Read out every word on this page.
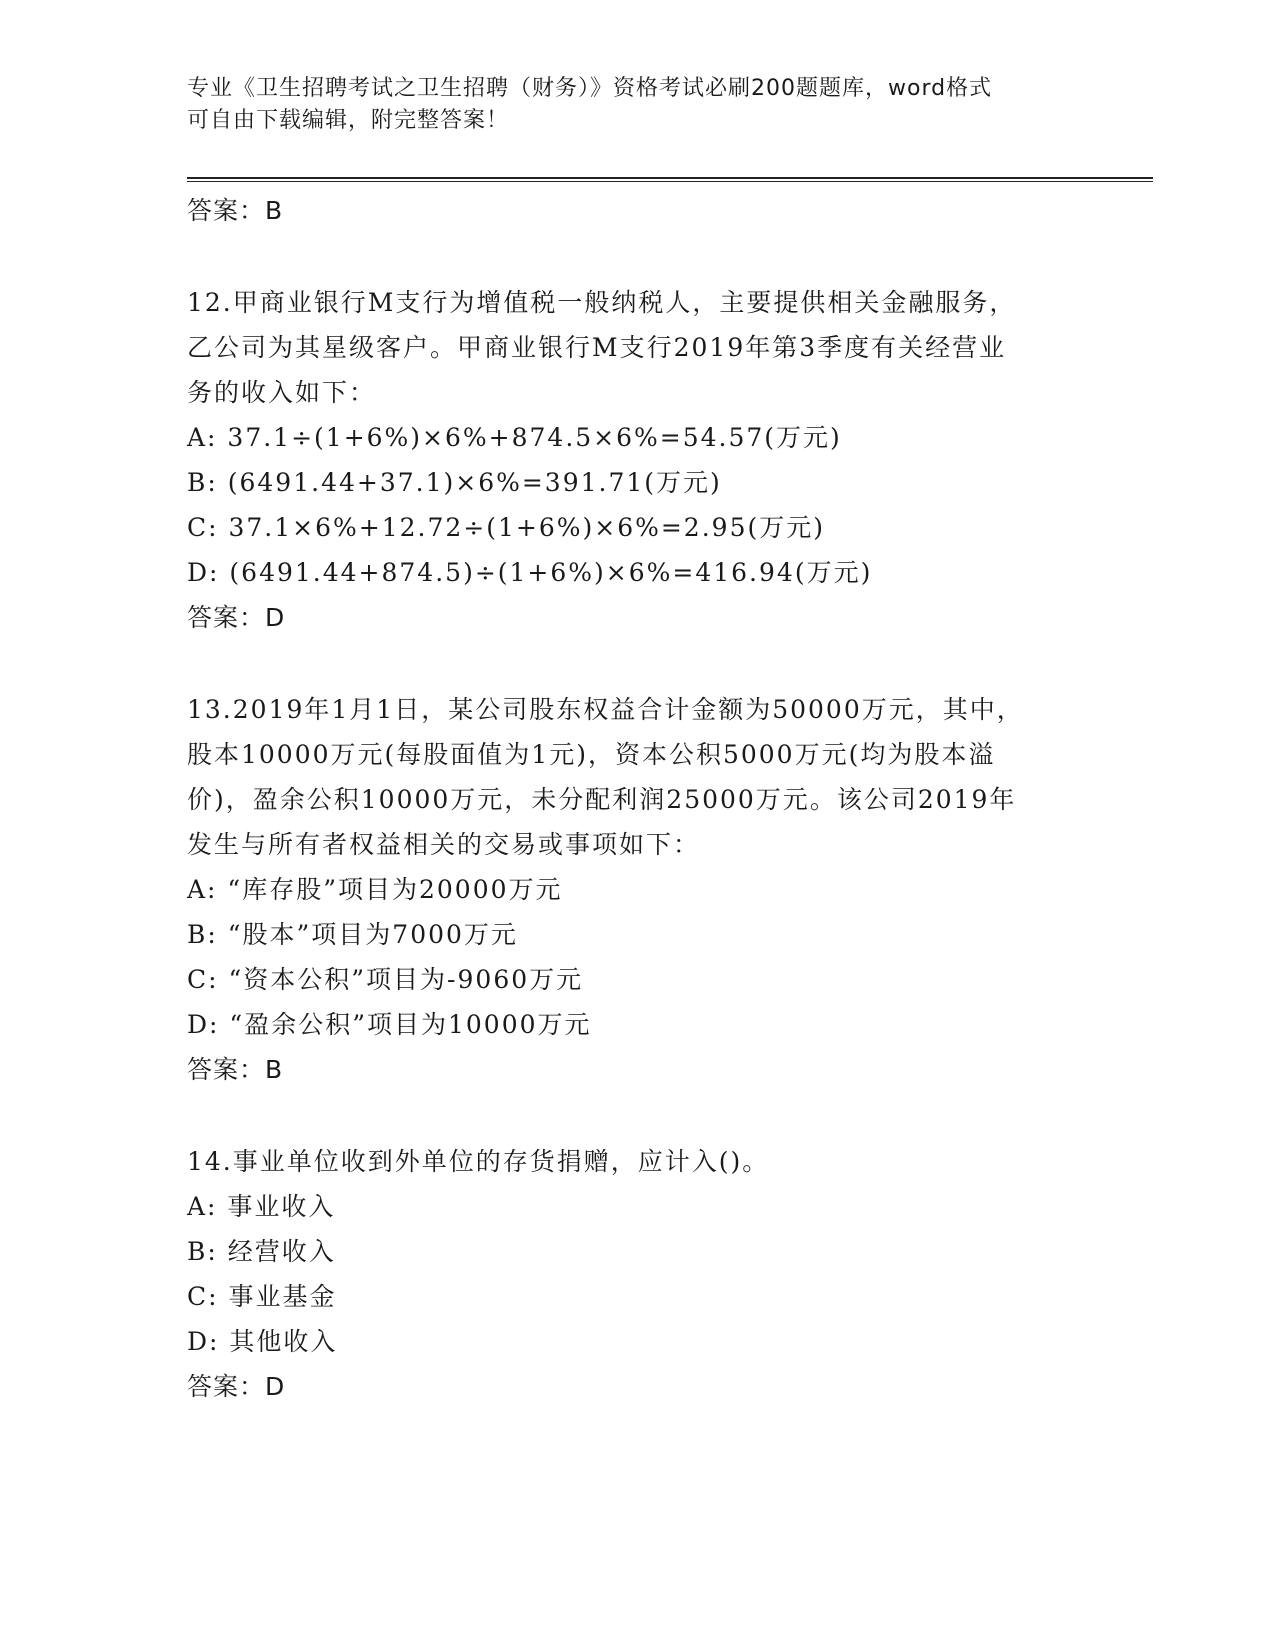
专业《卫生招聘考试之卫生招聘（财务）》资格考试必刷200题题库，word格式
可自由下载编辑，附完整答案！
答案：B
12.甲商业银行M支行为增值税一般纳税人，主要提供相关金融服务，
乙公司为其星级客户。甲商业银行M支行2019年第3季度有关经营业
务的收入如下：
A: 37.1÷(1+6%)×6%+874.5×6%=54.57(万元)
B: (6491.44+37.1)×6%=391.71(万元)
C: 37.1×6%+12.72÷(1+6%)×6%=2.95(万元)
D: (6491.44+874.5)÷(1+6%)×6%=416.94(万元)
答案：D
13.2019年1月1日，某公司股东权益合计金额为50000万元，其中，
股本10000万元(每股面值为1元)，资本公积5000万元(均为股本溢
价)，盈余公积10000万元，未分配利润25000万元。该公司2019年
发生与所有者权益相关的交易或事项如下：
A: “库存股”项目为20000万元
B: “股本”项目为7000万元
C: “资本公积”项目为-9060万元
D: “盈余公积”项目为10000万元
答案：B
14.事业单位收到外单位的存货捐赠，应计入()。
A: 事业收入
B: 经营收入
C: 事业基金
D: 其他收入
答案：D
